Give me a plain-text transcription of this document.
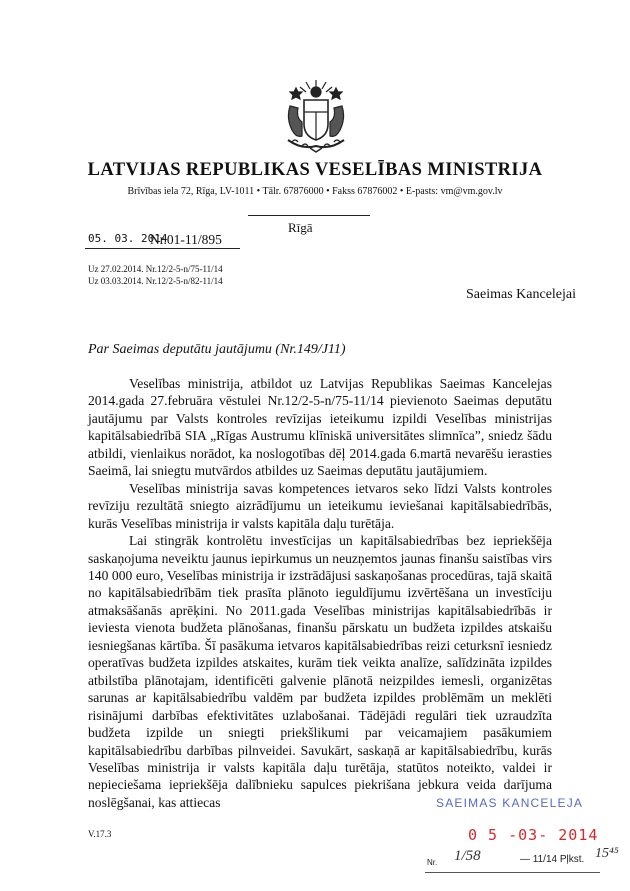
LATVIJAS REPUBLIKAS VESELĪBAS MINISTRIJA
Brīvības iela 72, Rīga, LV-1011 • Tālr. 67876000 • Fakss 67876002 • E-pasts: vm@vm.gov.lv
Rīgā
05. 03. 2014
Nr.01-11/895
Uz 27.02.2014. Nr.12/2-5-n/75-11/14
Uz 03.03.2014. Nr.12/2-5-n/82-11/14
Saeimas Kancelejai
Par Saeimas deputātu jautājumu (Nr.149/J11)

Veselības ministrija, atbildot uz Latvijas Republikas Saeimas Kancelejas 2014.gada 27.februāra vēstulei Nr.12/2-5-n/75-11/14 pievienoto Saeimas deputātu jautājumu par Valsts kontroles revīzijas ieteikumu izpildi Veselības ministrijas kapitālsabiedrībā SIA „Rīgas Austrumu klīniskā universitātes slimnīca”, sniedz šādu atbildi, vienlaikus norādot, ka noslogotības dēļ 2014.gada 6.martā nevarēšu ierasties Saeimā, lai sniegtu mutvārdos atbildes uz Saeimas deputātu jautājumiem.

Veselības ministrija savas kompetences ietvaros seko līdzi Valsts kontroles revīziju rezultātā sniegto aizrādījumu un ieteikumu ieviešanai kapitālsabiedrībās, kurās Veselības ministrija ir valsts kapitāla daļu turētāja.

Lai stingrāk kontrolētu investīcijas un kapitālsabiedrības bez iepriekšēja saskaņojuma neveiktu jaunus iepirkumus un neuzņemtos jaunas finanšu saistības virs 140 000 euro, Veselības ministrija ir izstrādājusi saskaņošanas procedūras, tajā skaitā no kapitālsabiedrībām tiek prasīta plānoto ieguldījumu izvērtēšana un investīciju atmaksāšanās aprēķini. No 2011.gada Veselības ministrijas kapitālsabiedrībās ir ieviesta vienota budžeta plānošanas, finanšu pārskatu un budžeta izpildes atskaišu iesniegšanas kārtība. Šī pasākuma ietvaros kapitālsabiedrības reizi ceturksnī iesniedz operatīvas budžeta izpildes atskaites, kurām tiek veikta analīze, salīdzināta izpildes atbilstība plānotajam, identificēti galvenie plānotā neizpildes iemesli, organizētas sarunas ar kapitālsabiedrību valdēm par budžeta izpildes problēmām un meklēti risinājumi darbības efektivitātes uzlabošanai. Tādējādi regulāri tiek uzraudzīta budžeta izpilde un sniegti priekšlikumi par veicamajiem pasākumiem kapitālsabiedrību darbības pilnveidei. Savukārt, saskaņā ar kapitālsabiedrību, kurās Veselības ministrija ir valsts kapitāla daļu turētāja, statūtos noteikto, valdei ir nepieciešama iepriekšēja dalībnieku sapulces piekrišana jebkura veida darījuma noslēgšanai, kas attiecas

V.17.3
SAEIMAS KANCELEJA
0 5 -03- 2014
Nr. 1/58	— 11/14 Pļkst. 15⁴⁵
